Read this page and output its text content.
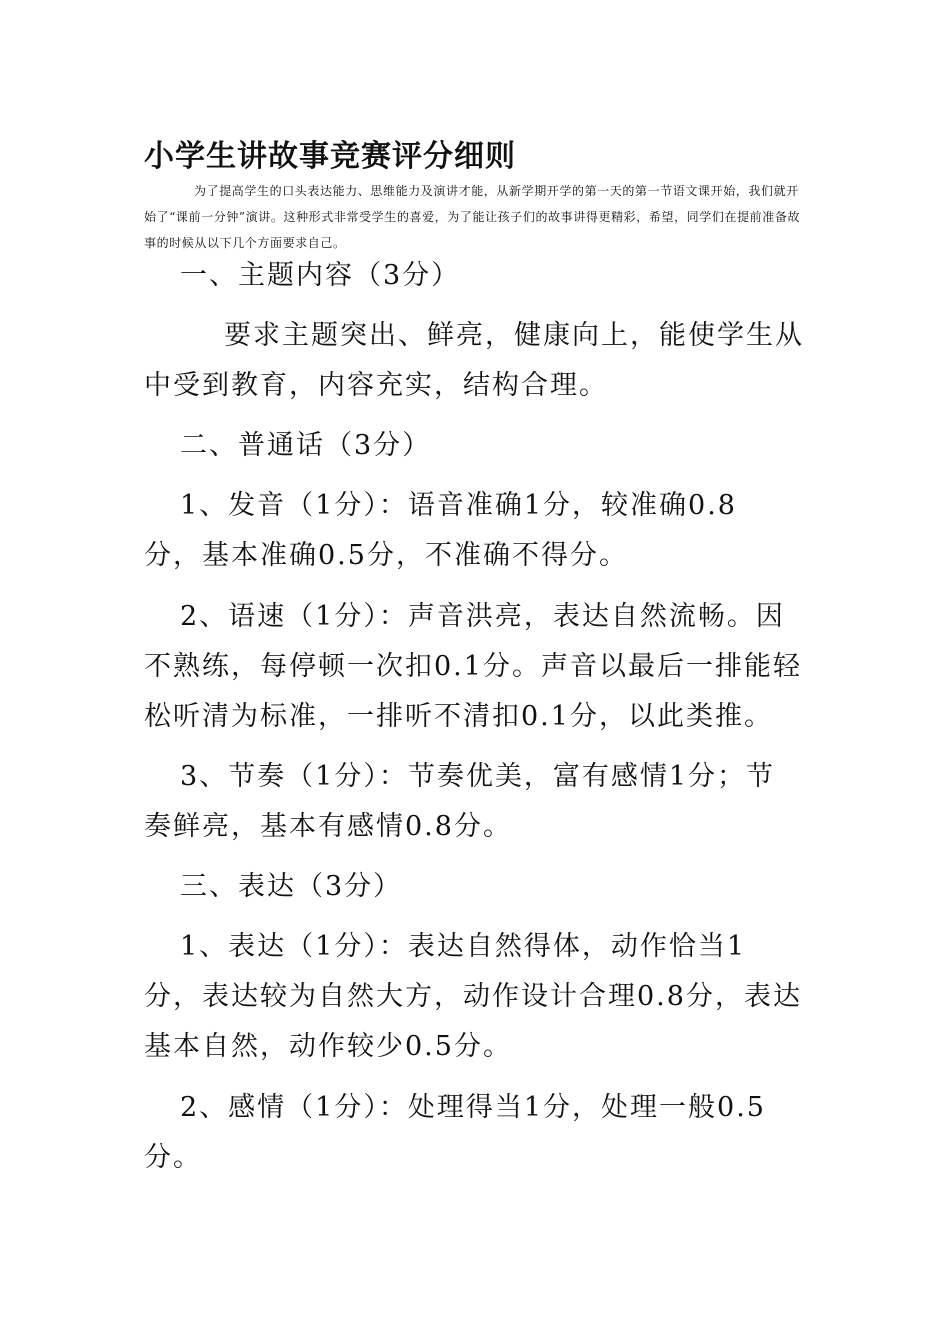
小学生讲故事竞赛评分细则

为了提高学生的口头表达能力、思维能力及演讲才能，从新学期开学的第一天的第一节语文课开始，我们就开始了“课前一分钟”演讲。这种形式非常受学生的喜爱，为了能让孩子们的故事讲得更精彩，希望，同学们在提前准备故事的时候从以下几个方面要求自己。

一、主题内容（3分）

要求主题突出、鲜亮，健康向上，能使学生从中受到教育，内容充实，结构合理。

二、普通话（3分）

1、发音（1分）：语音准确1分，较准确0.8分，基本准确0.5分，不准确不得分。

2、语速（1分）：声音洪亮，表达自然流畅。因不熟练，每停顿一次扣0.1分。声音以最后一排能轻松听清为标准，一排听不清扣0.1分，以此类推。

3、节奏（1分）：节奏优美，富有感情1分；节奏鲜亮，基本有感情0.8分。

三、表达（3分）

1、表达（1分）：表达自然得体，动作恰当1分，表达较为自然大方，动作设计合理0.8分，表达基本自然，动作较少0.5分。

2、感情（1分）：处理得当1分，处理一般0.5分。
